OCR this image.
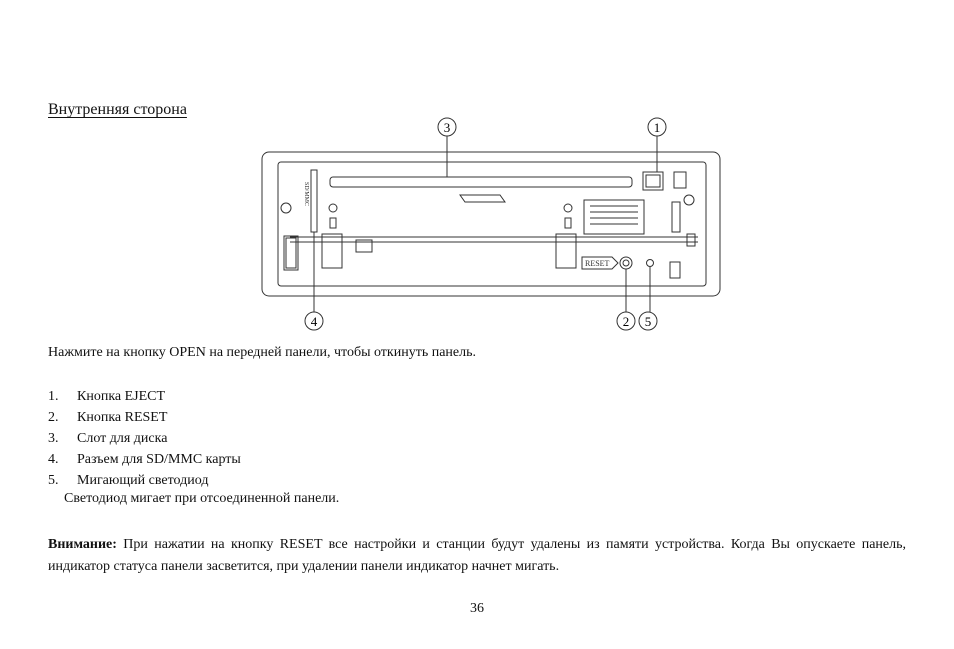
Внутренняя сторона
SD/MMC
RESET
3	1
4	2 5
Нажмите на кнопку OPEN на передней панели, чтобы откинуть панель.
1.	Кнопка EJECT
2.	Кнопка RESET
3.	Слот для диска
4.	Разъем для SD/MMC карты
5.	Мигающий светодиод
Светодиод мигает при отсоединенной панели.
Внимание: При нажатии на кнопку RESET все настройки и станции будут удалены из памяти устройства. Когда Вы опускаете панель, индикатор статуса панели засветится, при удалении панели индикатор начнет мигать.
36
